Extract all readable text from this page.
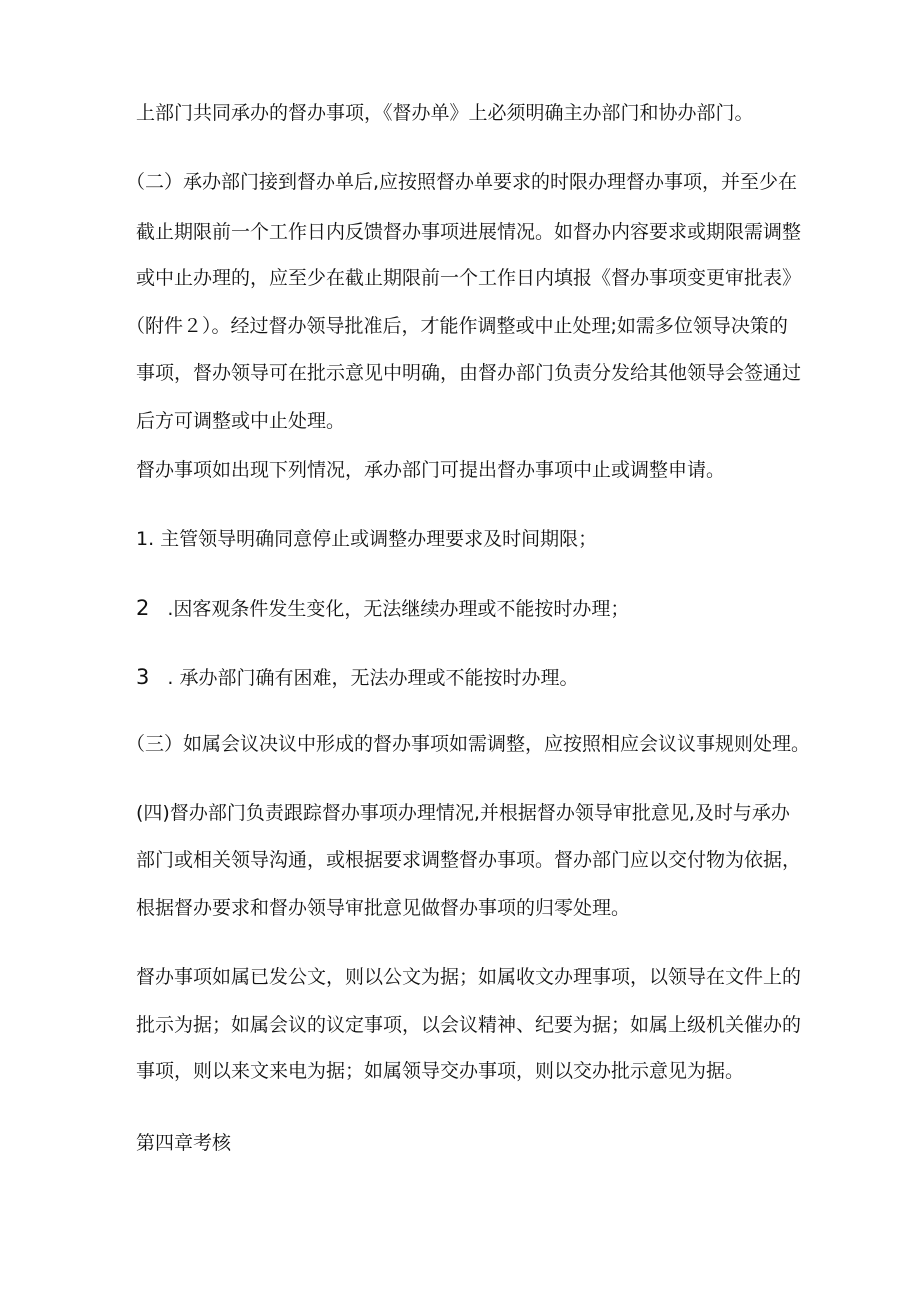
上部门共同承办的督办事项，《督办单》上必须明确主办部门和协办部门。
（二）承办部门接到督办单后,应按照督办单要求的时限办理督办事项，并至少在
截止期限前一个工作日内反馈督办事项进展情况。如督办内容要求或期限需调整
或中止办理的，应至少在截止期限前一个工作日内填报《督办事项变更审批表》
（附件２）。经过督办领导批准后，才能作调整或中止处理;如需多位领导决策的
事项，督办领导可在批示意见中明确，由督办部门负责分发给其他领导会签通过
后方可调整或中止处理。
督办事项如出现下列情况，承办部门可提出督办事项中止或调整申请。
1. 主管领导明确同意停止或调整办理要求及时间期限；
2 .因客观条件发生变化，无法继续办理或不能按时办理；
3 . 承办部门确有困难，无法办理或不能按时办理。
（三）如属会议决议中形成的督办事项如需调整，应按照相应会议议事规则处理。
(四)督办部门负责跟踪督办事项办理情况,并根据督办领导审批意见,及时与承办
部门或相关领导沟通，或根据要求调整督办事项。督办部门应以交付物为依据，
根据督办要求和督办领导审批意见做督办事项的归零处理。
督办事项如属已发公文，则以公文为据；如属收文办理事项，以领导在文件上的
批示为据；如属会议的议定事项，以会议精神、纪要为据；如属上级机关催办的
事项，则以来文来电为据；如属领导交办事项，则以交办批示意见为据。
第四章考核
